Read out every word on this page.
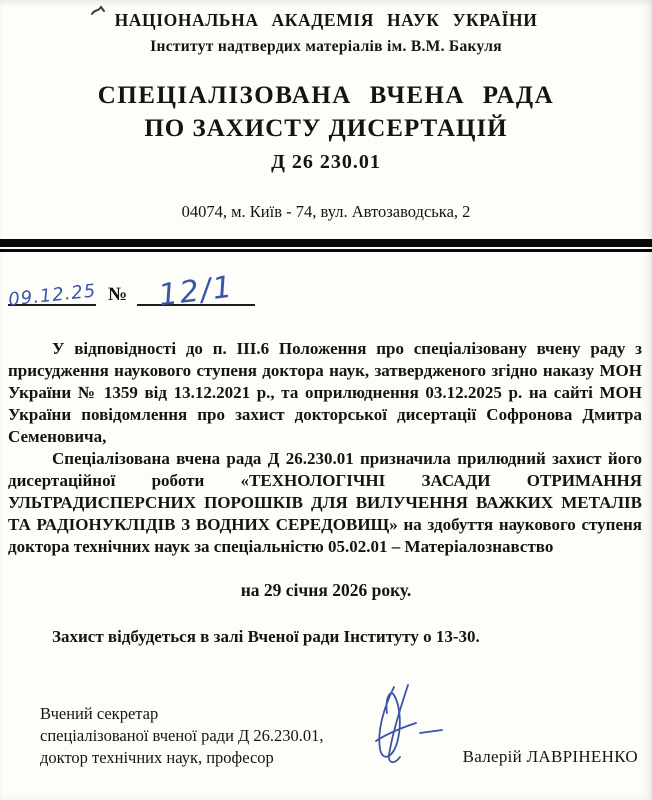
НАЦІОНАЛЬНА АКАДЕМІЯ НАУК УКРАЇНИ
Інститут надтвердих матеріалів ім. В.М. Бакуля
СПЕЦІАЛІЗОВАНА ВЧЕНА РАДА
ПО ЗАХИСТУ ДИСЕРТАЦІЙ
Д 26 230.01
04074, м. Київ - 74, вул. Автозаводська, 2
09.12.25 № 12/1

У відповідності до п. ІІІ.6 Положення про спеціалізовану вчену раду з присудження наукового ступеня доктора наук, затвердженого згідно наказу МОН України № 1359 від 13.12.2021 р., та оприлюднення 03.12.2025 р. на сайті МОН України повідомлення про захист докторської дисертації Софронова Дмитра Семеновича,

Спеціалізована вчена рада Д 26.230.01 призначила прилюдний захист його дисертаційної роботи «ТЕХНОЛОГІЧНІ ЗАСАДИ ОТРИМАННЯ УЛЬТРАДИСПЕРСНИХ ПОРОШКІВ ДЛЯ ВИЛУЧЕННЯ ВАЖКИХ МЕТАЛІВ ТА РАДІОНУКЛІДІВ З ВОДНИХ СЕРЕДОВИЩ» на здобуття наукового ступеня доктора технічних наук за спеціальністю 05.02.01 – Матеріалознавство

на 29 січня 2026 року.
Захист відбудеться в залі Вченої ради Інституту о 13-30.
Вчений секретар
спеціалізованої вченої ради Д 26.230.01,
доктор технічних наук, професор	Валерій ЛАВРІНЕНКО
